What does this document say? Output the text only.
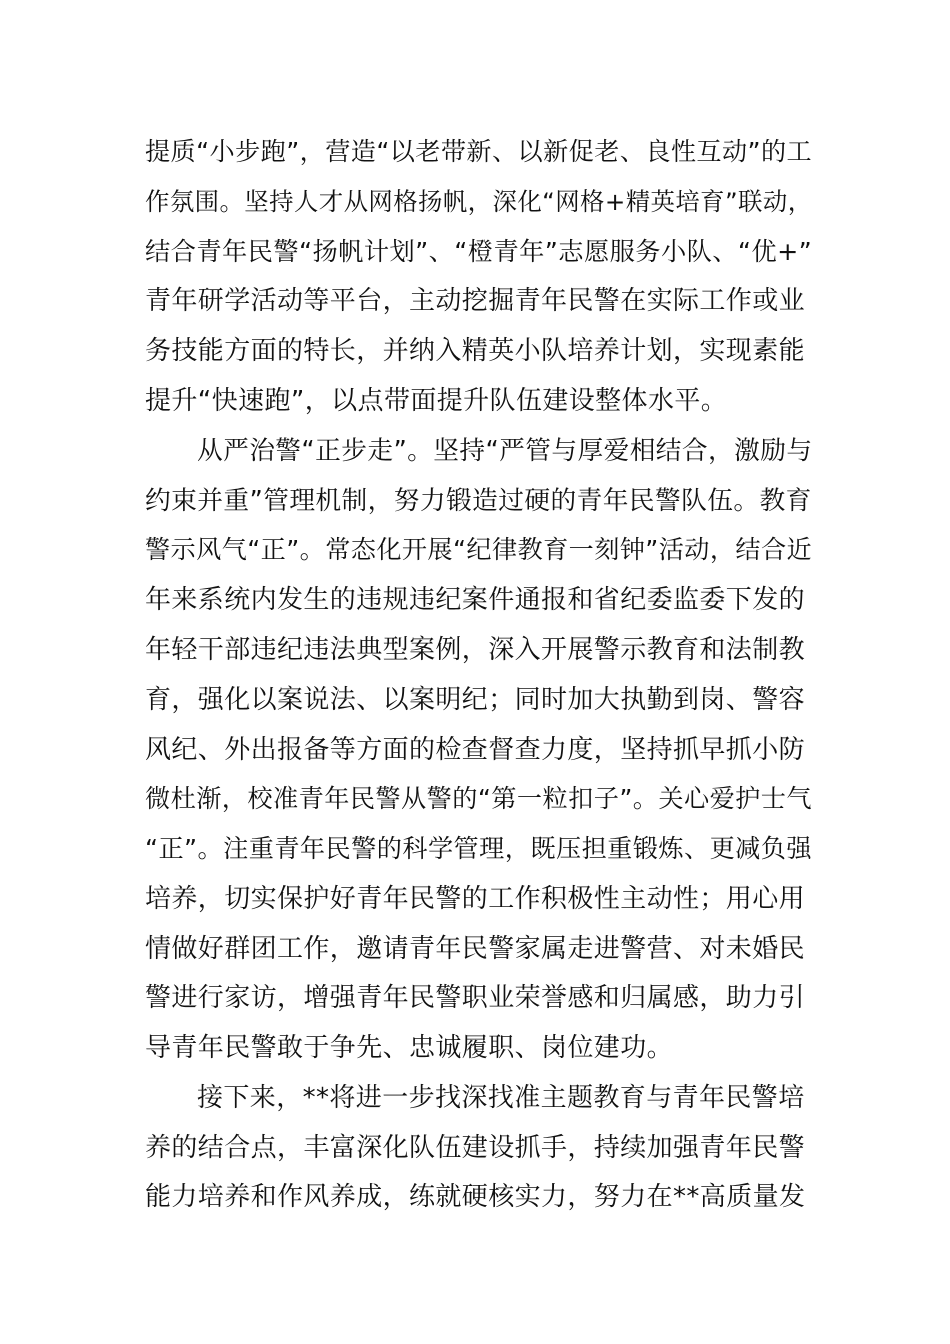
提质“小步跑”，营造“以老带新、以新促老、良性互动”的工
作氛围。坚持人才从网格扬帆，深化“网格+精英培育”联动，
结合青年民警“扬帆计划”、“橙青年”志愿服务小队、“优+”
青年研学活动等平台，主动挖掘青年民警在实际工作或业
务技能方面的特长，并纳入精英小队培养计划，实现素能
提升“快速跑”，以点带面提升队伍建设整体水平。
从严治警“正步走”。坚持“严管与厚爱相结合，激励与
约束并重”管理机制，努力锻造过硬的青年民警队伍。教育
警示风气“正”。常态化开展“纪律教育一刻钟”活动，结合近
年来系统内发生的违规违纪案件通报和省纪委监委下发的
年轻干部违纪违法典型案例，深入开展警示教育和法制教
育，强化以案说法、以案明纪；同时加大执勤到岗、警容
风纪、外出报备等方面的检查督查力度，坚持抓早抓小防
微杜渐，校准青年民警从警的“第一粒扣子”。关心爱护士气
“正”。注重青年民警的科学管理，既压担重锻炼、更减负强
培养，切实保护好青年民警的工作积极性主动性；用心用
情做好群团工作，邀请青年民警家属走进警营、对未婚民
警进行家访，增强青年民警职业荣誉感和归属感，助力引
导青年民警敢于争先、忠诚履职、岗位建功。
接下来，**将进一步找深找准主题教育与青年民警培
养的结合点，丰富深化队伍建设抓手，持续加强青年民警
能力培养和作风养成，练就硬核实力，努力在**高质量发
